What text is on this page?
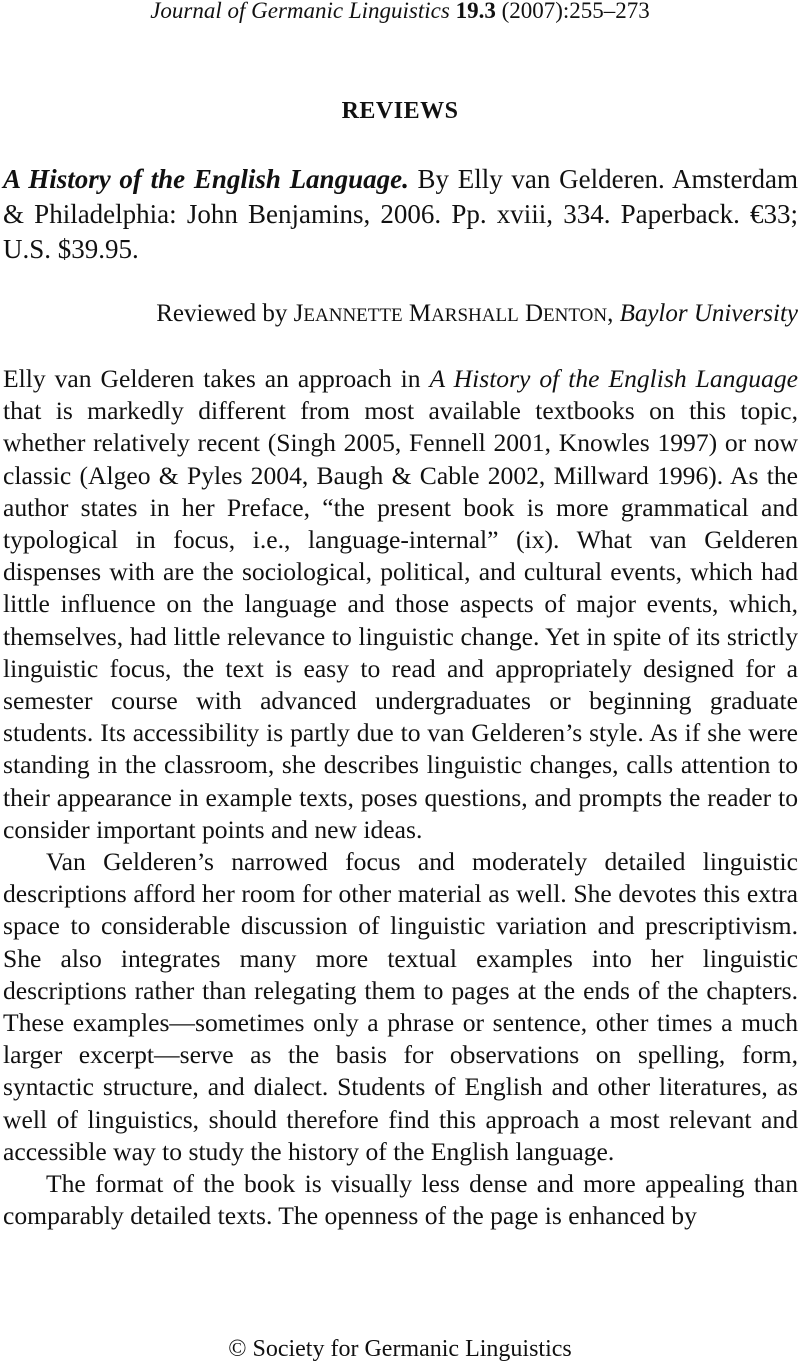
Journal of Germanic Linguistics 19.3 (2007):255–273
REVIEWS
A History of the English Language. By Elly van Gelderen. Amsterdam & Philadelphia: John Benjamins, 2006. Pp. xviii, 334. Paperback. €33; U.S. $39.95.
Reviewed by JEANNETTE MARSHALL DENTON, Baylor University

Elly van Gelderen takes an approach in A History of the English Language that is markedly different from most available textbooks on this topic, whether relatively recent (Singh 2005, Fennell 2001, Knowles 1997) or now classic (Algeo & Pyles 2004, Baugh & Cable 2002, Millward 1996). As the author states in her Preface, “the present book is more grammatical and typological in focus, i.e., language-internal” (ix). What van Gelderen dispenses with are the sociological, political, and cultural events, which had little influence on the language and those aspects of major events, which, themselves, had little relevance to linguistic change. Yet in spite of its strictly linguistic focus, the text is easy to read and appropriately designed for a semester course with advanced undergraduates or beginning graduate students. Its accessibility is partly due to van Gelderen’s style. As if she were standing in the classroom, she describes linguistic changes, calls attention to their appearance in example texts, poses questions, and prompts the reader to consider important points and new ideas.

Van Gelderen’s narrowed focus and moderately detailed linguistic descriptions afford her room for other material as well. She devotes this extra space to considerable discussion of linguistic variation and prescriptivism. She also integrates many more textual examples into her linguistic descriptions rather than relegating them to pages at the ends of the chapters. These examples—sometimes only a phrase or sentence, other times a much larger excerpt—serve as the basis for observations on spelling, form, syntactic structure, and dialect. Students of English and other literatures, as well of linguistics, should therefore find this approach a most relevant and accessible way to study the history of the English language.

The format of the book is visually less dense and more appealing than comparably detailed texts. The openness of the page is enhanced by

© Society for Germanic Linguistics
